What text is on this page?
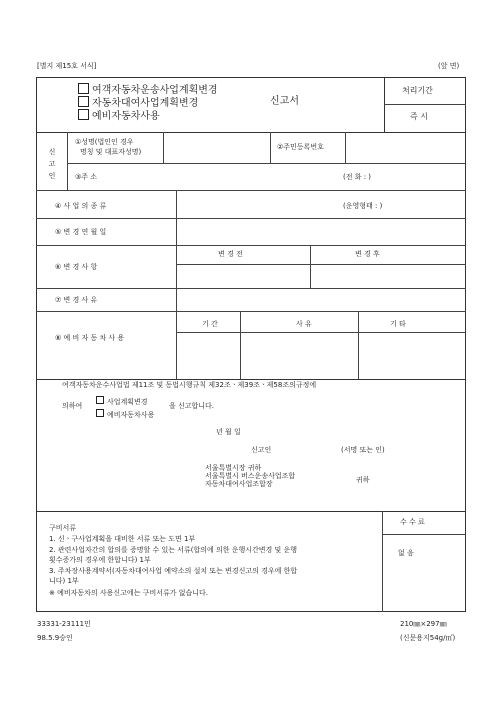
[별지 제15호 서식]	(앞 면)
여객자동차운송사업계획변경
자동차대여사업계획변경
예비자동차사용
신고서
처리기간
즉 시
신
고
인
①성명(법인인 경우
명칭 및 대표자성명)
②주민등록번호
③주 소	(전 화 : )
④ 사 업 의 종 류	(운영형태 : )
⑤ 변 경 연 월 일
⑥ 변 경 사 항
변 경 전	변 경 후
⑦ 변 경 사 유
⑧ 예 비 자 동 차 사 용
기 간	사 유	기 타
여객자동차운수사업법 제11조 및 동법시행규칙 제32조ㆍ제39조ㆍ제58조의규정에
의하여	사업계획변경
예비자동차사용
을 신고합니다.
년 월 일
신고인	(서명 또는 인)
서울특별시장 귀하
서울특별시 버스운송사업조합
자동차대여사업조합장	귀하
구비서류
1. 신ㆍ구사업계획을 대비한 서류 또는 도면 1부
2. 관련사업자간의 합의를 증명할 수 있는 서류(합의에 의한 운행시간변경 및 운행
횟수증가의 경우에 한합니다) 1부
3. 주차장사용계약서(자동차대여사업 예약소의 설치 또는 변경신고의 경우에 한합
니다) 1부
※ 예비자동차의 사용신고에는 구비서류가 없습니다.
수 수 료
없 음
33331-23111민	210㎜×297㎜
98.5.9승인	(신문용지54g/㎡)
